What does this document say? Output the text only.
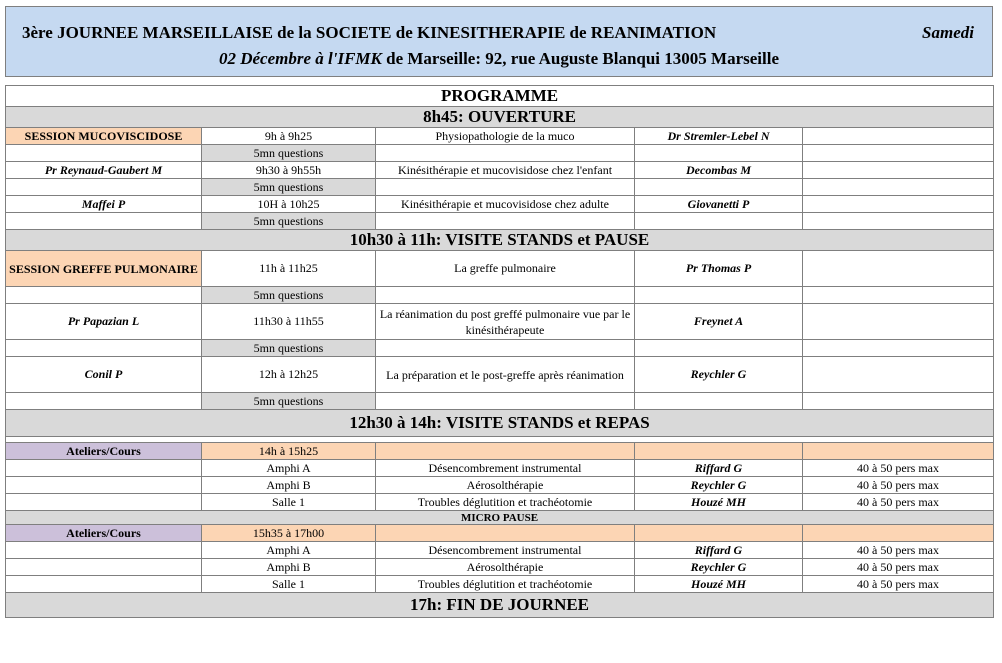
3ère JOURNEE MARSEILLAISE de la SOCIETE de KINESITHERAPIE de REANIMATION	Samedi
02 Décembre à l'IFMK de Marseille: 92, rue Auguste Blanqui 13005 Marseille
PROGRAMME				
8h45: OUVERTURE				
SESSION MUCOVISCIDOSE	9h à 9h25	Physiopathologie de la muco	Dr Stremler-Lebel N	
	5mn questions			
Pr Reynaud-Gaubert M	9h30 à 9h55h	Kinésithérapie et mucovisidose chez l'enfant	Decombas M	
	5mn questions			
Maffei P	10H à 10h25	Kinésithérapie et mucovisidose chez adulte	Giovanetti P	
	5mn questions			
10h30 à 11h: VISITE STANDS et PAUSE				
SESSION GREFFE PULMONAIRE	11h à 11h25	La greffe pulmonaire	Pr Thomas P	
	5mn questions			
Pr Papazian L	11h30 à 11h55	La réanimation du post greffé pulmonaire vue par le kinésithérapeute	Freynet A	
	5mn questions			
Conil P	12h à 12h25	La préparation et le post-greffe après réanimation	Reychler G	
	5mn questions			
12h30 à 14h: VISITE STANDS et REPAS				

Ateliers/Cours	14h à 15h25			
	Amphi A	Désencombrement instrumental	Riffard G	40 à 50 pers max
	Amphi B	Aérosolthérapie	Reychler G	40 à 50 pers max
	Salle 1	Troubles déglutition et trachéotomie	Houzé MH	40 à 50 pers max
MICRO PAUSE				
Ateliers/Cours	15h35 à 17h00			
	Amphi A	Désencombrement instrumental	Riffard G	40 à 50 pers max
	Amphi B	Aérosolthérapie	Reychler G	40 à 50 pers max
	Salle 1	Troubles déglutition et trachéotomie	Houzé MH	40 à 50 pers max
17h: FIN DE JOURNEE				
